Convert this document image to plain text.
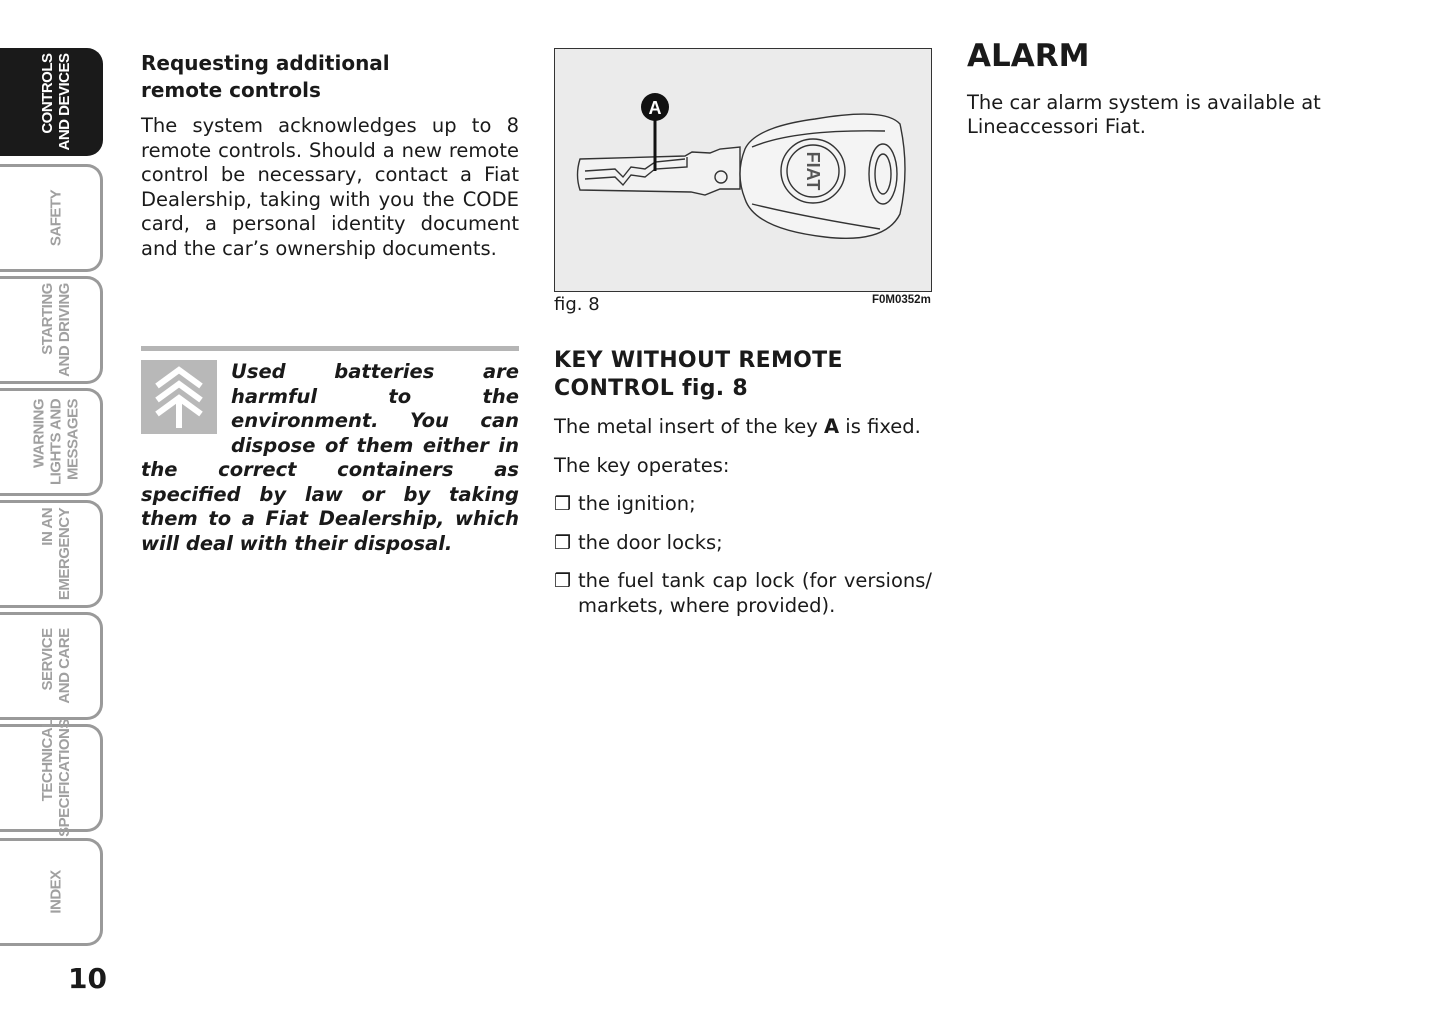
CONTROLS
AND DEVICES
SAFETY
STARTING
AND DRIVING
WARNING
LIGHTS AND
MESSAGES
IN AN
EMERGENCY
SERVICE
AND CARE
TECHNICAL
SPECIFICATIONS
INDEX
10
Requesting additional remote controls

The system acknowledges up to 8 remote controls. Should a new remote control be necessary, contact a Fiat Dealership, taking with you the CODE card, a personal identity document and the car’s ownership documents.

Used batteries are harmful to the environment. You can dispose of them either in the correct containers as specified by law or by taking them to a Fiat Dealership, which will deal with their disposal.
FIAT
A
fig. 8	F0M0352m
KEY WITHOUT REMOTE CONTROL fig. 8

The metal insert of the key A is fixed.

The key operates:

❒ the ignition;
❒ the door locks;
❒ the fuel tank cap lock (for versions/ markets, where provided).
ALARM

The car alarm system is available at Lineaccessori Fiat.
